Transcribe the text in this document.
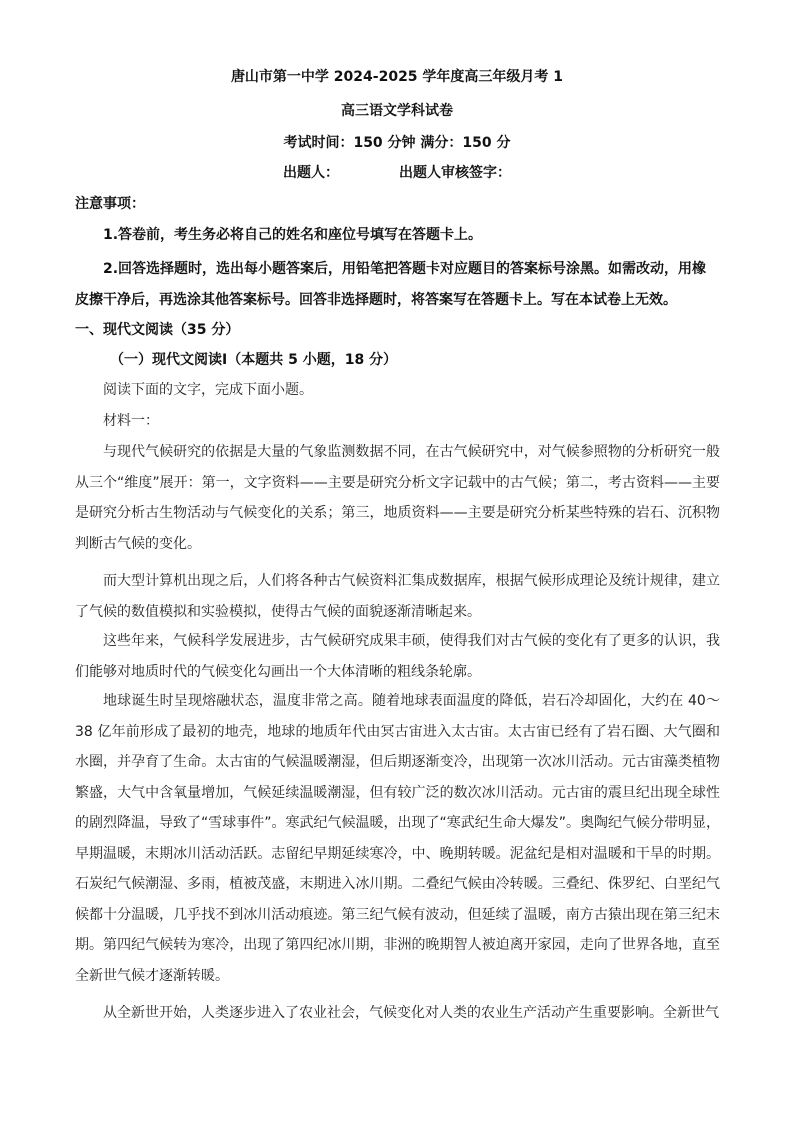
唐山市第一中学 2024-2025 学年度高三年级月考 1
高三语文学科试卷
考试时间：150 分钟 满分：150 分
出题人：	出题人审核签字：
注意事项：
1.答卷前，考生务必将自己的姓名和座位号填写在答题卡上。
2.回答选择题时，选出每小题答案后，用铅笔把答题卡对应题目的答案标号涂黑。如需改动，用橡皮擦干净后，再选涂其他答案标号。回答非选择题时，将答案写在答题卡上。写在本试卷上无效。
一、现代文阅读（35 分）
（一）现代文阅读Ⅰ（本题共 5 小题，18 分）
阅读下面的文字，完成下面小题。
材料一：
与现代气候研究的依据是大量的气象监测数据不同，在古气候研究中，对气候参照物的分析研究一般从三个“维度”展开：第一，文字资料——主要是研究分析文字记载中的古气候；第二，考古资料——主要是研究分析古生物活动与气候变化的关系；第三，地质资料——主要是研究分析某些特殊的岩石、沉积物判断古气候的变化。
而大型计算机出现之后，人们将各种古气候资料汇集成数据库，根据气候形成理论及统计规律，建立了气候的数值模拟和实验模拟，使得古气候的面貌逐渐清晰起来。
这些年来，气候科学发展进步，古气候研究成果丰硕，使得我们对古气候的变化有了更多的认识，我们能够对地质时代的气候变化勾画出一个大体清晰的粗线条轮廓。
地球诞生时呈现熔融状态，温度非常之高。随着地球表面温度的降低，岩石冷却固化，大约在 40～38 亿年前形成了最初的地壳，地球的地质年代由冥古宙进入太古宙。太古宙已经有了岩石圈、大气圈和水圈，并孕育了生命。太古宙的气候温暖潮湿，但后期逐渐变冷，出现第一次冰川活动。元古宙藻类植物繁盛，大气中含氧量增加，气候延续温暖潮湿，但有较广泛的数次冰川活动。元古宙的震旦纪出现全球性的剧烈降温，导致了“雪球事件”。寒武纪气候温暖，出现了“寒武纪生命大爆发”。奥陶纪气候分带明显，早期温暖，末期冰川活动活跃。志留纪早期延续寒冷，中、晚期转暖。泥盆纪是相对温暖和干旱的时期。石炭纪气候潮湿、多雨，植被茂盛，末期进入冰川期。二叠纪气候由冷转暖。三叠纪、侏罗纪、白垩纪气候都十分温暖，几乎找不到冰川活动痕迹。第三纪气候有波动，但延续了温暖，南方古猿出现在第三纪末期。第四纪气候转为寒冷，出现了第四纪冰川期，非洲的晚期智人被迫离开家园，走向了世界各地，直至全新世气候才逐渐转暖。
从全新世开始，人类逐步进入了农业社会，气候变化对人类的农业生产活动产生重要影响。全新世气
